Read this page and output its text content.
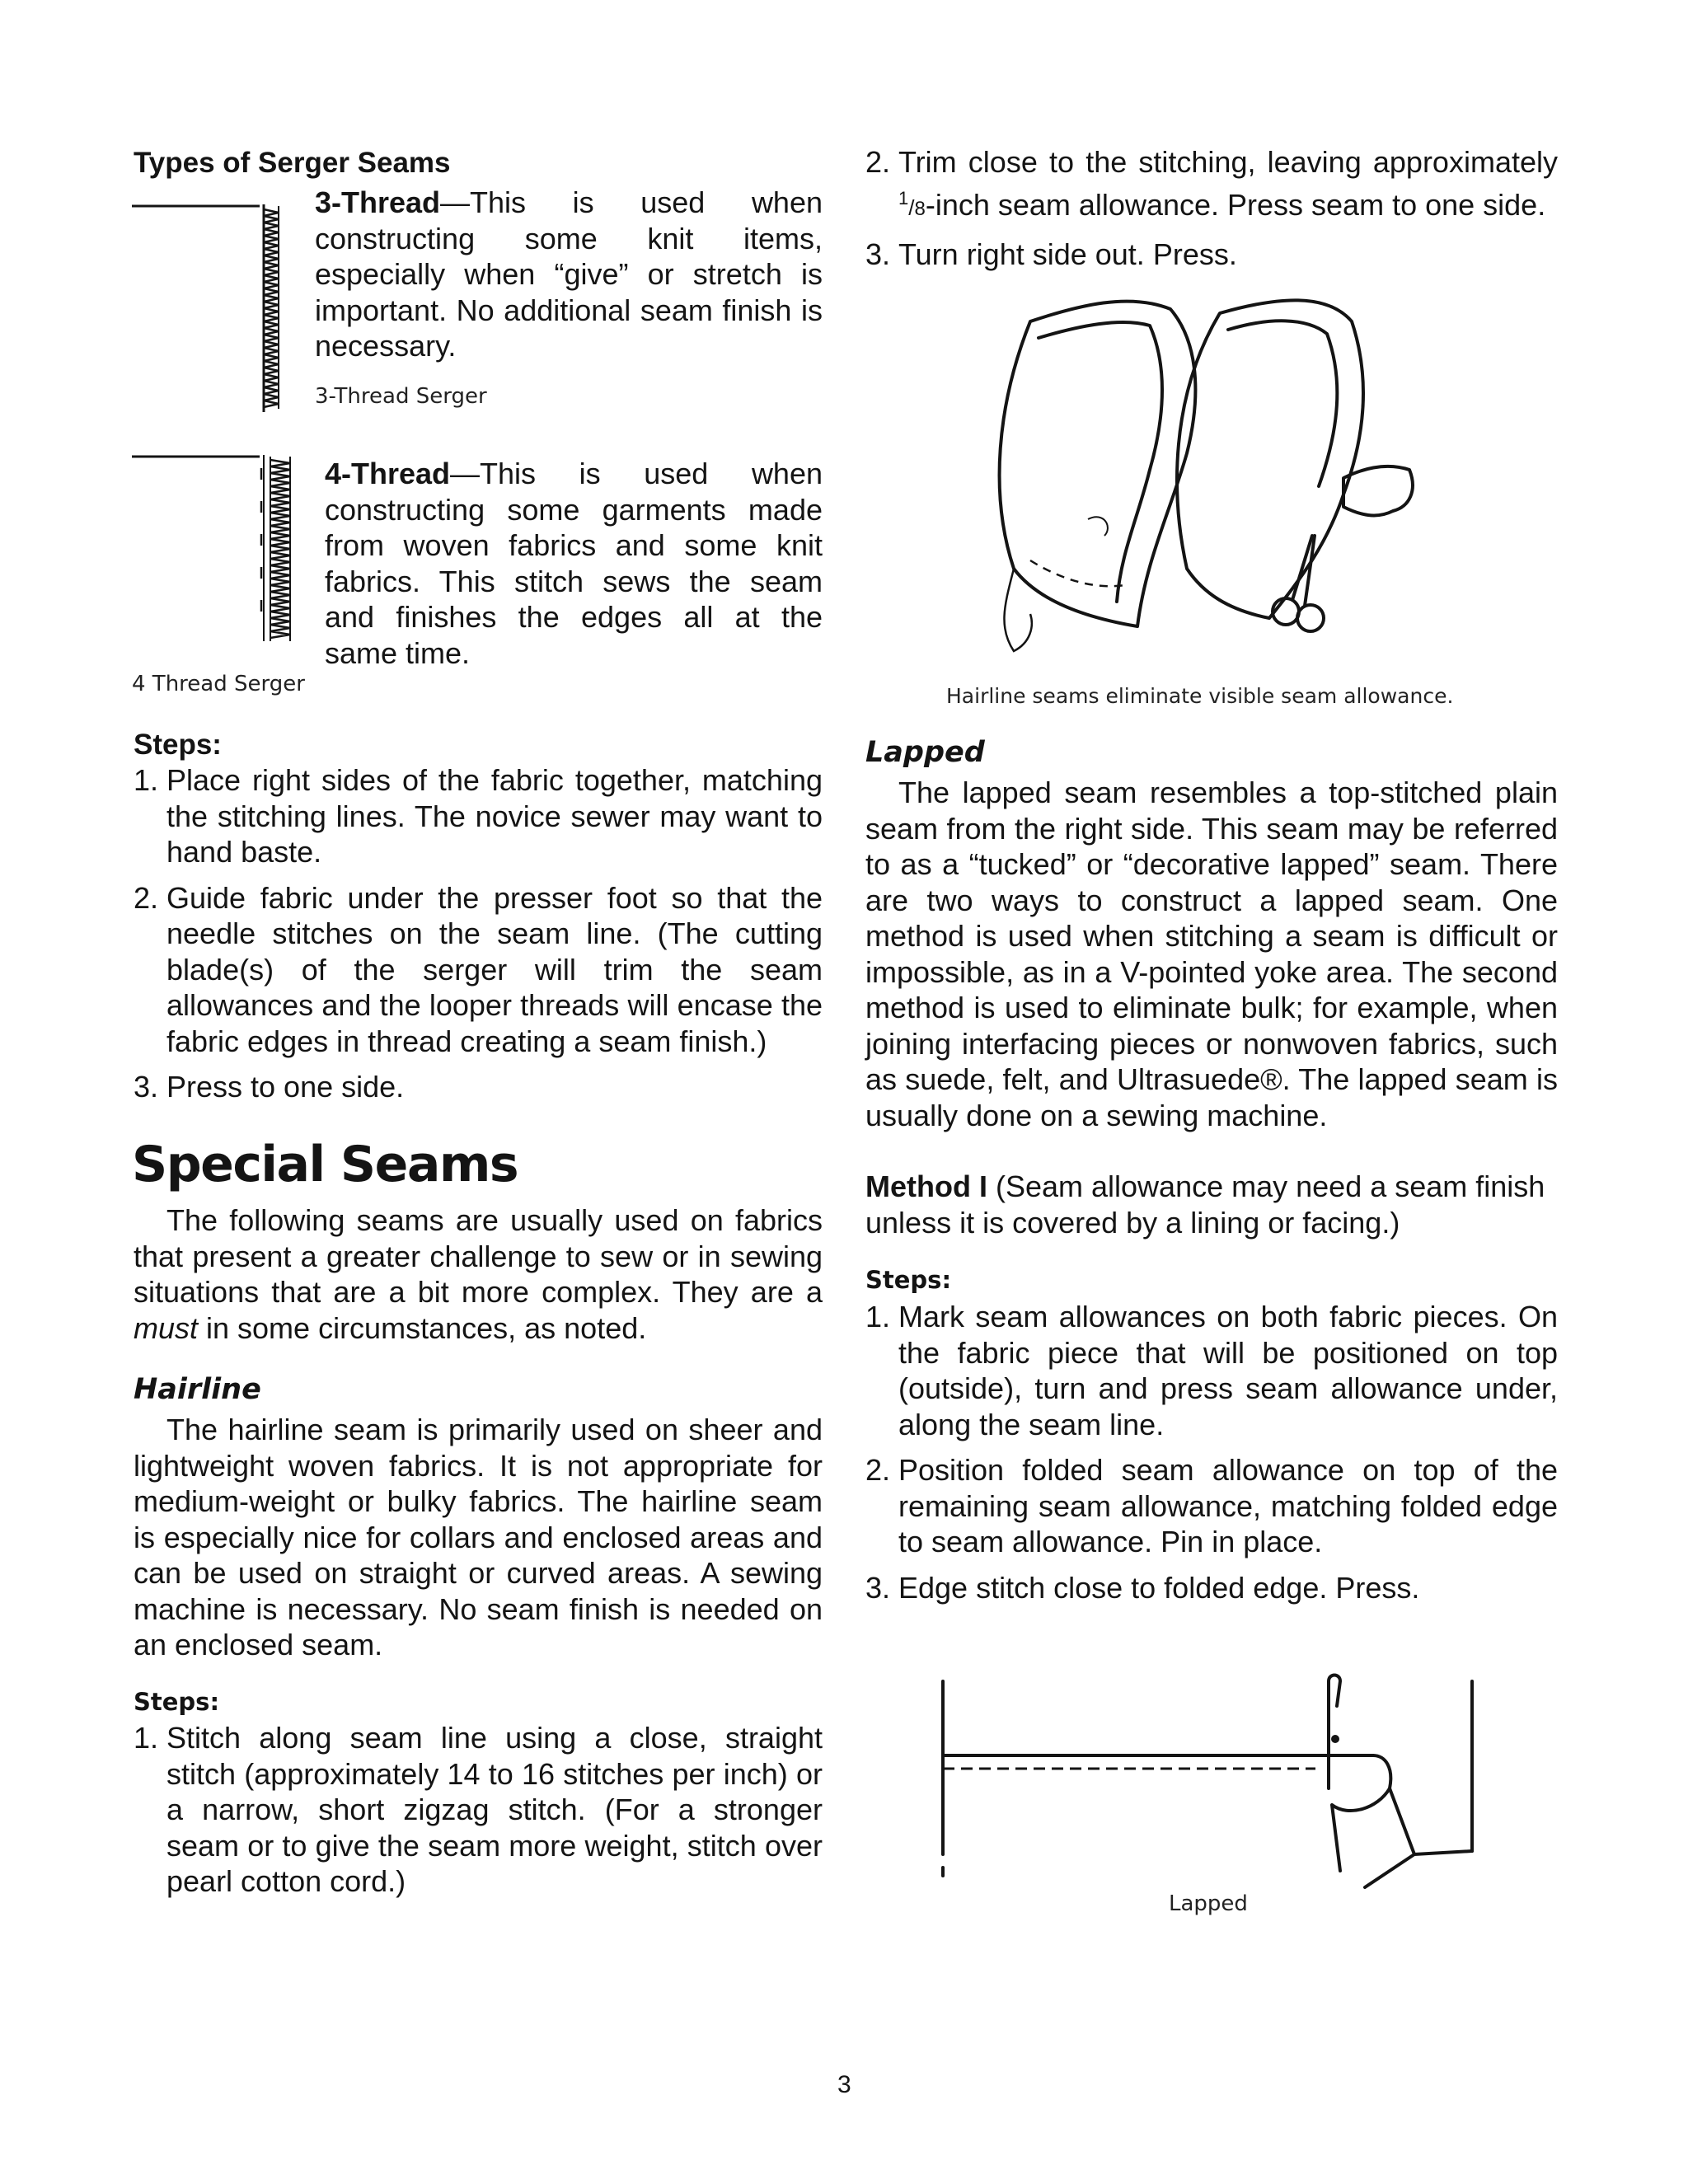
Types of Serger Seams
3-Thread—This is used when constructing some knit items, especially when “give” or stretch is important. No additional seam finish is necessary.
3-Thread Serger
4-Thread—This is used when constructing some garments made from woven fabrics and some knit fabrics. This stitch sews the seam and finishes the edges all at the same time.
4 Thread Serger
Steps:
1. Place right sides of the fabric together, matching the stitching lines. The novice sewer may want to hand baste.
2. Guide fabric under the presser foot so that the needle stitches on the seam line. (The cutting blade(s) of the serger will trim the seam allowances and the looper threads will encase the fabric edges in thread creating a seam finish.)
3. Press to one side.
Special Seams
The following seams are usually used on fabrics that present a greater challenge to sew or in sewing situations that are a bit more complex. They are a must in some circumstances, as noted.
Hairline
The hairline seam is primarily used on sheer and lightweight woven fabrics. It is not appropriate for medium-weight or bulky fabrics. The hairline seam is especially nice for collars and enclosed areas and can be used on straight or curved areas. A sewing machine is necessary. No seam finish is needed on an enclosed seam.
Steps:
1. Stitch along seam line using a close, straight stitch (approximately 14 to 16 stitches per inch) or a narrow, short zigzag stitch. (For a stronger seam or to give the seam more weight, stitch over pearl cotton cord.)
2. Trim close to the stitching, leaving approximately $^1$/8-inch seam allowance. Press seam to one side.
3. Turn right side out. Press.
Hairline seams eliminate visible seam allowance.
Lapped
The lapped seam resembles a top-stitched plain seam from the right side. This seam may be referred to as a “tucked” or “decorative lapped” seam. There are two ways to construct a lapped seam. One method is used when stitching a seam is difficult or impossible, as in a V-pointed yoke area. The second method is used to eliminate bulk; for example, when joining interfacing pieces or nonwoven fabrics, such as suede, felt, and Ultrasuede®. The lapped seam is usually done on a sewing machine.
Method I (Seam allowance may need a seam finish unless it is covered by a lining or facing.)
Steps:
1. Mark seam allowances on both fabric pieces. On the fabric piece that will be positioned on top (outside), turn and press seam allowance under, along the seam line.
2. Position folded seam allowance on top of the remaining seam allowance, matching folded edge to seam allowance. Pin in place.
3. Edge stitch close to folded edge. Press.
Lapped
3
